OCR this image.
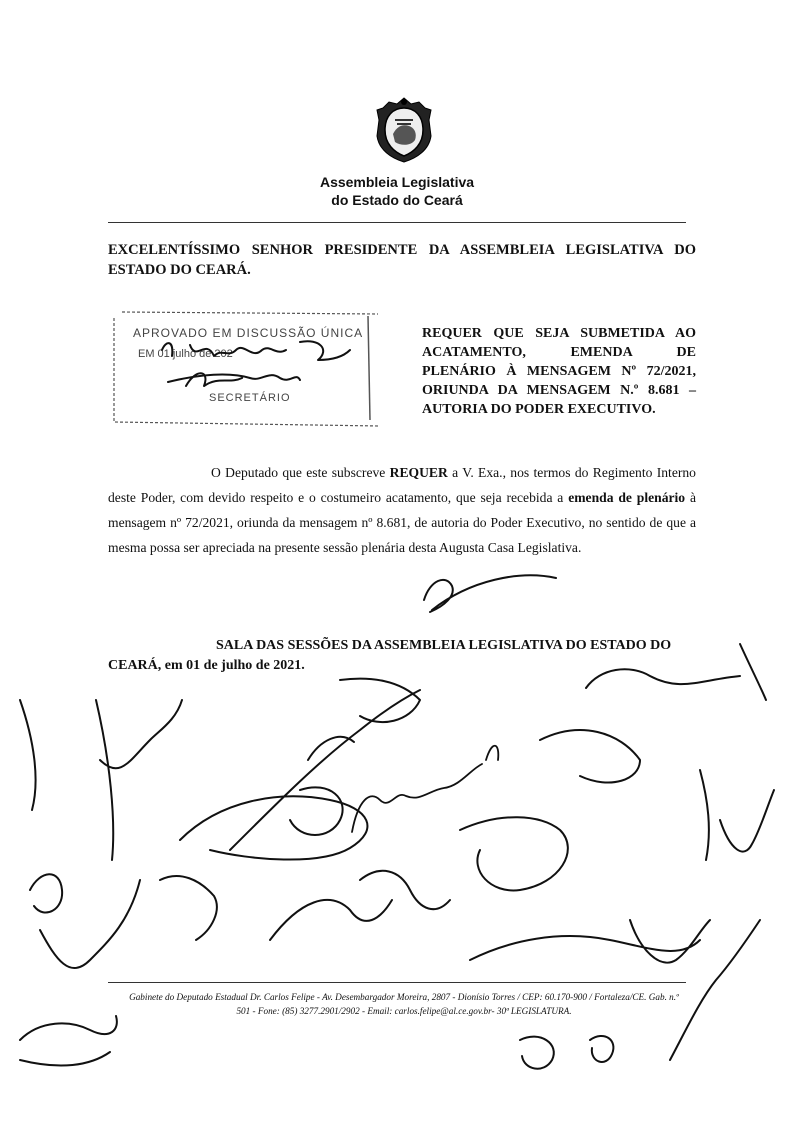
Assembleia Legislativa
do Estado do Ceará
EXCELENTÍSSIMO SENHOR PRESIDENTE DA ASSEMBLEIA LEGISLATIVA DO ESTADO DO CEARÁ.
APROVADO EM DISCUSSÃO ÚNICA
EM 01 julho de 202
SECRETÁRIO
REQUER QUE SEJA SUBMETIDA AO
ACATAMENTO, EMENDA DE
PLENÁRIO À MENSAGEM Nº 72/2021,
ORIUNDA DA MENSAGEM N.º 8.681 –
AUTORIA DO PODER EXECUTIVO.
O Deputado que este subscreve REQUER a V. Exa., nos termos do Regimento Interno deste Poder, com devido respeito e o costumeiro acatamento, que seja recebida a emenda de plenário à mensagem nº 72/2021, oriunda da mensagem nº 8.681, de autoria do Poder Executivo, no sentido de que a mesma possa ser apreciada na presente sessão plenária desta Augusta Casa Legislativa.
SALA DAS SESSÕES DA ASSEMBLEIA LEGISLATIVA DO ESTADO DO CEARÁ, em 01 de julho de 2021.
Gabinete do Deputado Estadual Dr. Carlos Felipe - Av. Desembargador Moreira, 2807 - Dionísio Torres / CEP: 60.170-900 / Fortaleza/CE. Gab. n.º
501 - Fone: (85) 3277.2901/2902 - Email: carlos.felipe@al.ce.gov.br- 30ª LEGISLATURA.
